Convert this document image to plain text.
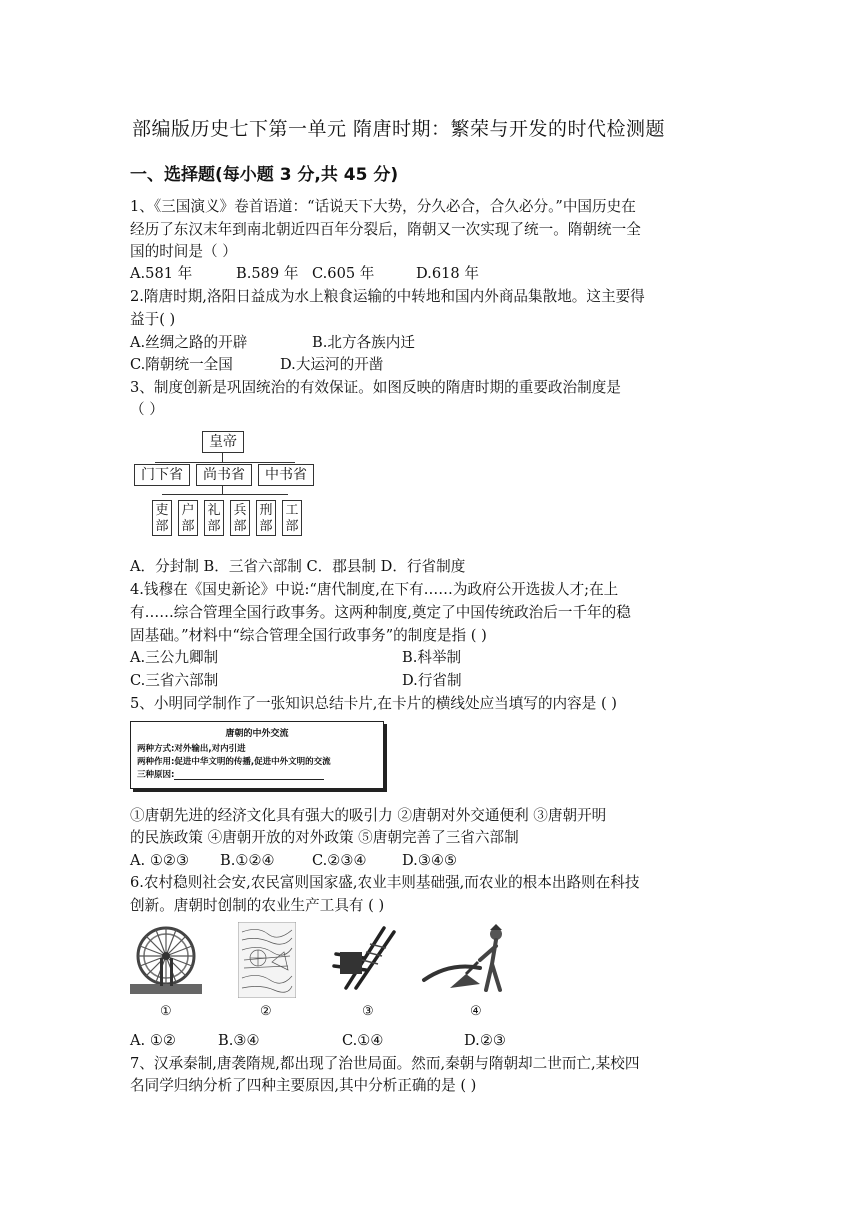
部编版历史七下第一单元 隋唐时期：繁荣与开发的时代检测题
一、选择题(每小题 3 分,共 45 分)
1、《三国演义》卷首语道：“话说天下大势，分久必合，合久必分。”中国历史在
经历了东汉末年到南北朝近四百年分裂后，隋朝又一次实现了统一。隋朝统一全
国的时间是（ ）
A.581 年	B.589 年 C.605 年	D.618 年
2.隋唐时期,洛阳日益成为水上粮食运输的中转地和国内外商品集散地。这主要得
益于( )
A.丝绸之路的开辟	B.北方各族内迁
C.隋朝统一全国	D.大运河的开凿
3、制度创新是巩固统治的有效保证。如图反映的隋唐时期的重要政治制度是
（ ）
皇帝
门下省	尚书省	中书省
吏部
户部
礼部
兵部
刑部
工部
A．分封制 B．三省六部制 C．郡县制 D．行省制度
4.钱穆在《国史新论》中说:“唐代制度,在下有……为政府公开选拔人才;在上
有……综合管理全国行政事务。这两种制度,奠定了中国传统政治后一千年的稳
固基础。”材料中“综合管理全国行政事务”的制度是指 ( )
A.三公九卿制	B.科举制
C.三省六部制	D.行省制
5、小明同学制作了一张知识总结卡片,在卡片的横线处应当填写的内容是 ( )
唐朝的中外交流
两种方式:对外输出,对内引进
两种作用:促进中华文明的传播,促进中外文明的交流
三种原因:
①唐朝先进的经济文化具有强大的吸引力 ②唐朝对外交通便利 ③唐朝开明
的民族政策 ④唐朝开放的对外政策 ⑤唐朝完善了三省六部制
A. ①②③ B.①②④	C.②③④ D.③④⑤
6.农村稳则社会安,农民富则国家盛,农业丰则基础强,而农业的根本出路则在科技
创新。唐朝时创制的农业生产工具有 ( )
①	②	③	④
A. ①②	B.③④	C.①④	D.②③
7、汉承秦制,唐袭隋规,都出现了治世局面。然而,秦朝与隋朝却二世而亡,某校四
名同学归纳分析了四种主要原因,其中分析正确的是 ( )
